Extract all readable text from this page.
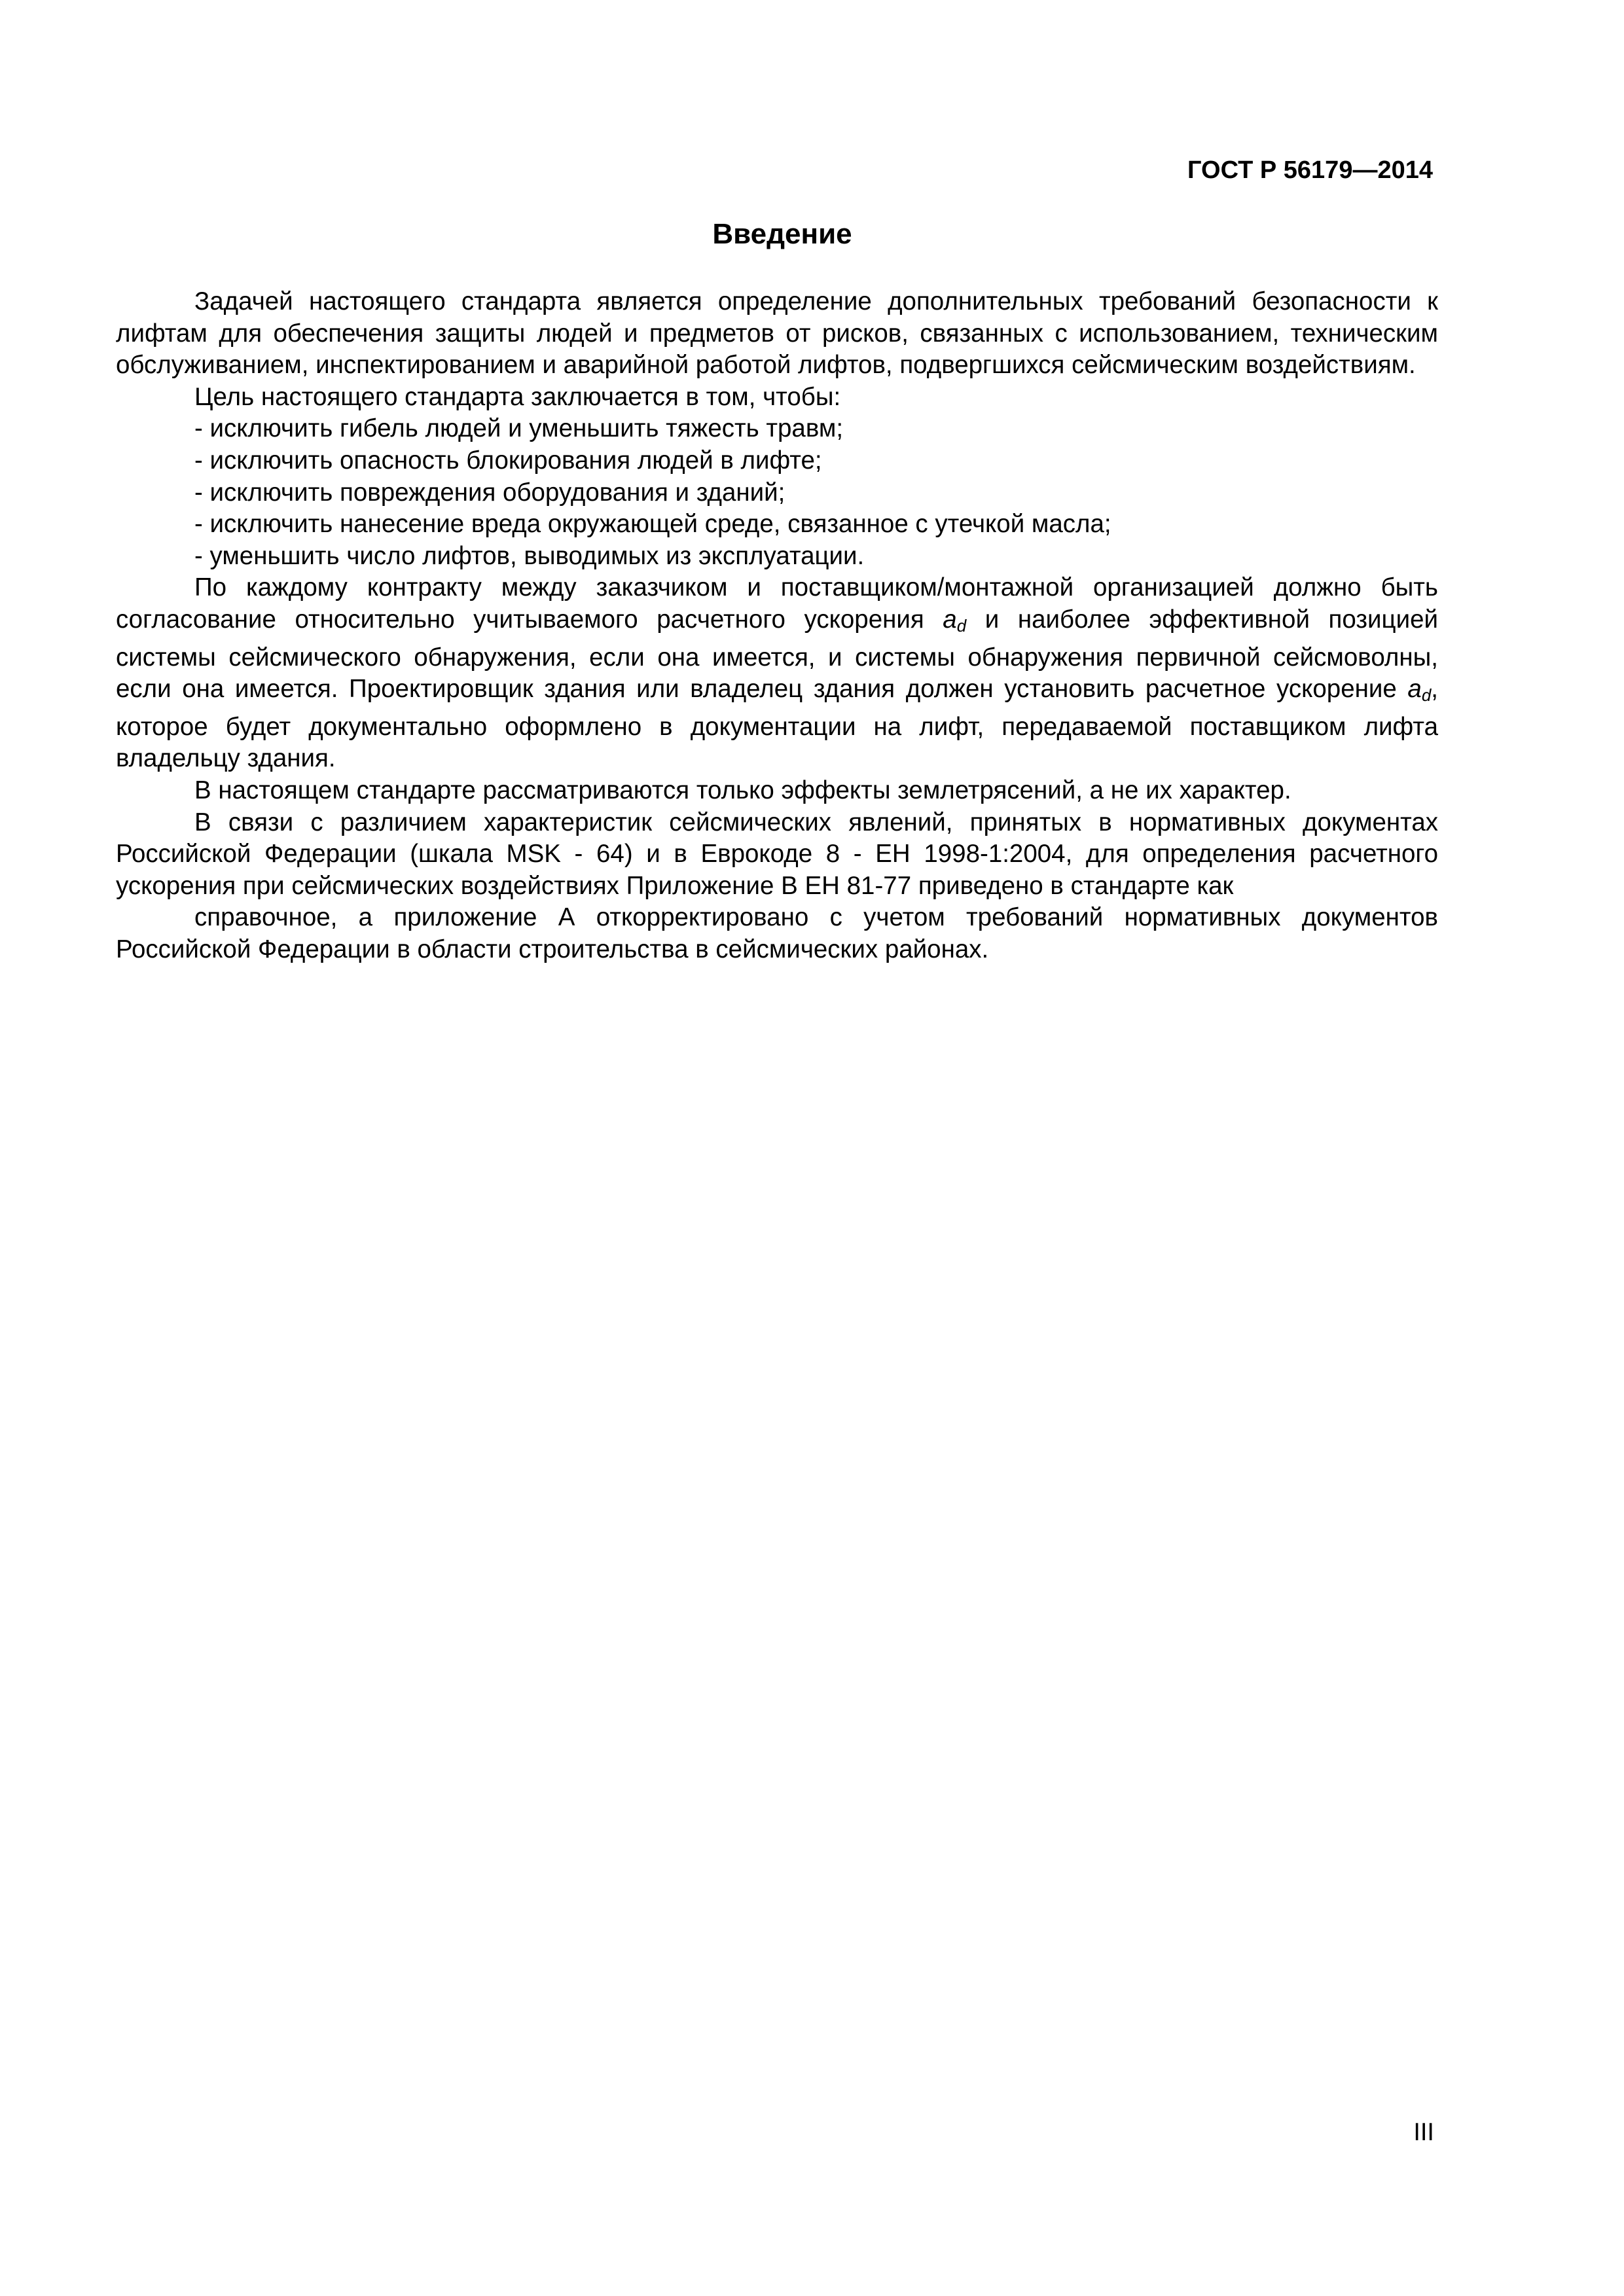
ГОСТ Р 56179—2014
Введение

Задачей настоящего стандарта является определение дополнительных требований безопасности к лифтам для обеспечения защиты людей и предметов от рисков, связанных с использованием, техническим обслуживанием, инспектированием и аварийной работой лифтов, подвергшихся сейсмическим воздействиям.

Цель настоящего стандарта заключается в том, чтобы:

- исключить гибель людей и уменьшить тяжесть травм;

- исключить опасность блокирования людей в лифте;

- исключить повреждения оборудования и зданий;

- исключить нанесение вреда окружающей среде, связанное с утечкой масла;

- уменьшить число лифтов, выводимых из эксплуатации.

По каждому контракту между заказчиком и поставщиком/монтажной организацией должно быть согласование относительно учитываемого расчетного ускорения $a_d$ и наиболее эффективной позицией системы сейсмического обнаружения, если она имеется, и системы обнаружения первичной сейсмоволны, если она имеется. Проектировщик здания или владелец здания должен установить расчетное ускорение $a_d$, которое будет документально оформлено в документации на лифт, передаваемой поставщиком лифта владельцу здания.

В настоящем стандарте рассматриваются только эффекты землетрясений, а не их характер.

В связи с различием характеристик сейсмических явлений, принятых в нормативных документах Российской Федерации (шкала MSK - 64) и в Еврокоде 8 - ЕН 1998-1:2004, для определения расчетного ускорения при сейсмических воздействиях Приложение В ЕН 81-77 приведено в стандарте как

справочное, а приложение А откорректировано с учетом требований нормативных документов Российской Федерации в области строительства в сейсмических районах.

III
